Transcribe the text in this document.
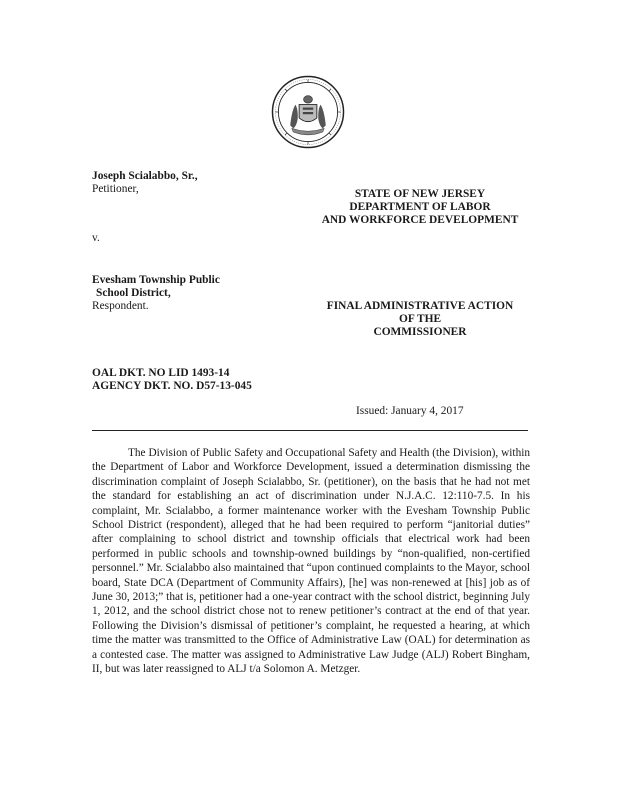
Joseph Scialabbo, Sr.,
Petitioner,
v.
Evesham Township Public
School District,
Respondent.
STATE OF NEW JERSEY
DEPARTMENT OF LABOR
AND WORKFORCE DEVELOPMENT
FINAL ADMINISTRATIVE ACTION
OF THE
COMMISSIONER
OAL DKT. NO LID 1493-14
AGENCY DKT. NO. D57-13-045
Issued: January 4, 2017

The Division of Public Safety and Occupational Safety and Health (the Division), within the Department of Labor and Workforce Development, issued a determination dismissing the discrimination complaint of Joseph Scialabbo, Sr. (petitioner), on the basis that he had not met the standard for establishing an act of discrimination under N.J.A.C. 12:110-7.5. In his complaint, Mr. Scialabbo, a former maintenance worker with the Evesham Township Public School District (respondent), alleged that he had been required to perform “janitorial duties” after complaining to school district and township officials that electrical work had been performed in public schools and township-owned buildings by “non-qualified, non-certified personnel.” Mr. Scialabbo also maintained that “upon continued complaints to the Mayor, school board, State DCA (Department of Community Affairs), [he] was non-renewed at [his] job as of June 30, 2013;” that is, petitioner had a one-year contract with the school district, beginning July 1, 2012, and the school district chose not to renew petitioner’s contract at the end of that year. Following the Division’s dismissal of petitioner’s complaint, he requested a hearing, at which time the matter was transmitted to the Office of Administrative Law (OAL) for determination as a contested case. The matter was assigned to Administrative Law Judge (ALJ) Robert Bingham, II, but was later reassigned to ALJ t/a Solomon A. Metzger.
